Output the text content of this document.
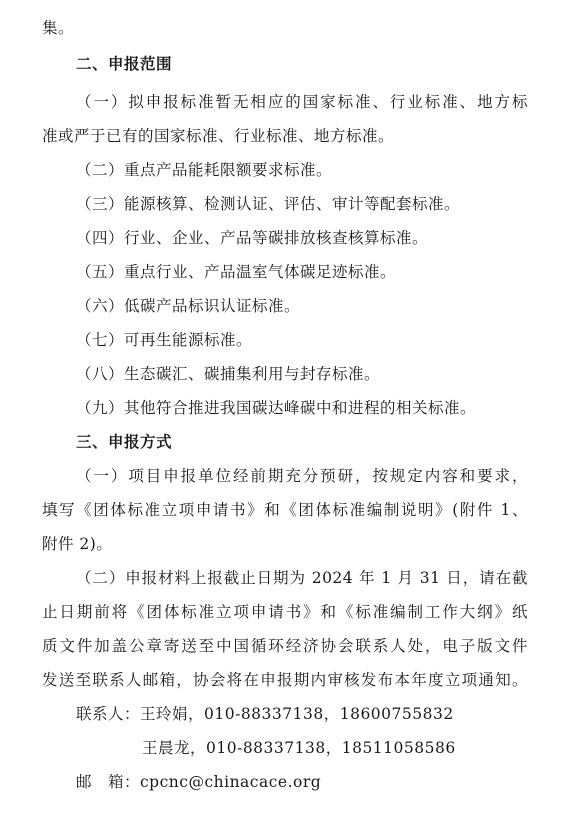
集。
二、申报范围
（一）拟申报标准暂无相应的国家标准、行业标准、地方标
准或严于已有的国家标准、行业标准、地方标准。
（二）重点产品能耗限额要求标准。
（三）能源核算、检测认证、评估、审计等配套标准。
（四）行业、企业、产品等碳排放核查核算标准。
（五）重点行业、产品温室气体碳足迹标准。
（六）低碳产品标识认证标准。
（七）可再生能源标准。
（八）生态碳汇、碳捕集利用与封存标准。
（九）其他符合推进我国碳达峰碳中和进程的相关标准。
三、申报方式
（一）项目申报单位经前期充分预研，按规定内容和要求，
填写《团体标准立项申请书》和《团体标准编制说明》(附件 1、
附件 2)。
（二）申报材料上报截止日期为 2024 年 1 月 31 日，请在截
止日期前将《团体标准立项申请书》和《标准编制工作大纲》纸
质文件加盖公章寄送至中国循环经济协会联系人处，电子版文件
发送至联系人邮箱，协会将在申报期内审核发布本年度立项通知。
联系人：王玲娟，010-88337138，18600755832
王晨龙，010-88337138，18511058586
邮　箱：cpcnc@chinacace.org
